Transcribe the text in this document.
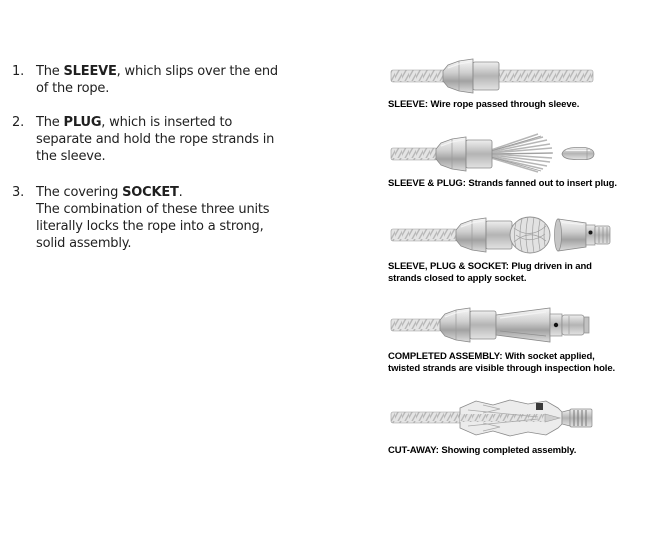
1. The SLEEVE, which slips over the end
of the rope.
2. The PLUG, which is inserted to
separate and hold the rope strands in
the sleeve.
3. The covering SOCKET.
The combination of these three units
literally locks the rope into a strong,
solid assembly.
SLEEVE: Wire rope passed through sleeve.
SLEEVE & PLUG: Strands fanned out to insert plug.
SLEEVE, PLUG & SOCKET: Plug driven in and strands closed to apply socket.
COMPLETED ASSEMBLY: With socket applied, twisted strands are visible through inspection hole.
CUT-AWAY: Showing completed assembly.
